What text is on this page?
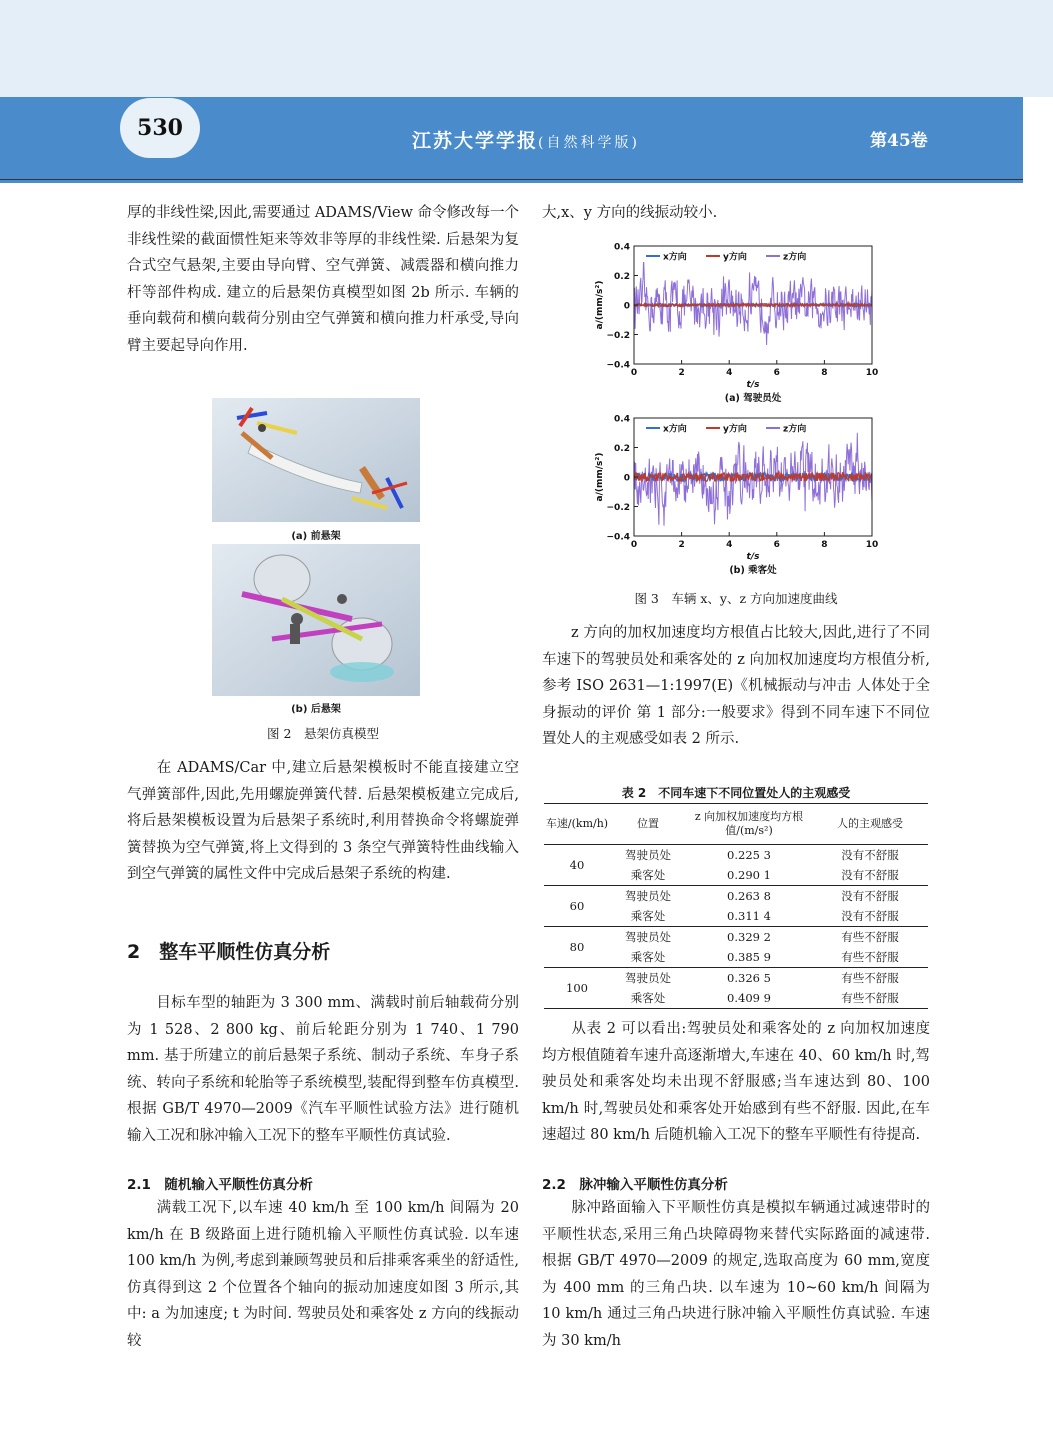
530	江苏大学学报(自然科学版)	第45卷

厚的非线性梁,因此,需要通过 ADAMS/View 命令修改每一个非线性梁的截面惯性矩来等效非等厚的非线性梁. 后悬架为复合式空气悬架,主要由导向臂、空气弹簧、减震器和横向推力杆等部件构成. 建立的后悬架仿真模型如图 2b 所示. 车辆的垂向载荷和横向载荷分别由空气弹簧和横向推力杆承受,导向臂主要起导向作用.

(a) 前悬架
(b) 后悬架
图 2　悬架仿真模型

在 ADAMS/Car 中,建立后悬架模板时不能直接建立空气弹簧部件,因此,先用螺旋弹簧代替. 后悬架模板建立完成后,将后悬架模板设置为后悬架子系统时,利用替换命令将螺旋弹簧替换为空气弹簧,将上文得到的 3 条空气弹簧特性曲线输入到空气弹簧的属性文件中完成后悬架子系统的构建.

2　整车平顺性仿真分析

目标车型的轴距为 3 300 mm、满载时前后轴载荷分别为 1 528、2 800 kg、前后轮距分别为 1 740、1 790 mm. 基于所建立的前后悬架子系统、制动子系统、车身子系统、转向子系统和轮胎等子系统模型,装配得到整车仿真模型. 根据 GB/T 4970—2009《汽车平顺性试验方法》进行随机输入工况和脉冲输入工况下的整车平顺性仿真试验.

2.1　随机输入平顺性仿真分析

满载工况下,以车速 40 km/h 至 100 km/h 间隔为 20 km/h 在 B 级路面上进行随机输入平顺性仿真试验. 以车速 100 km/h 为例,考虑到兼顾驾驶员和后排乘客乘坐的舒适性,仿真得到这 2 个位置各个轴向的振动加速度如图 3 所示,其中: a 为加速度; t 为时间. 驾驶员处和乘客处 z 方向的线振动较

大,x、y 方向的线振动较小.

0.4
0.2
0
−0.2
−0.4
0	2	4	6	8	10
t/s
a/(mm/s²)
(a) 驾驶员处
x方向	y方向	z方向
0.4
0.2
0
−0.2
−0.4
0	2	4	6	8	10
t/s
a/(mm/s²)
(b) 乘客处
x方向	y方向	z方向
图 3　车辆 x、y、z 方向加速度曲线

z 方向的加权加速度均方根值占比较大,因此,进行了不同车速下的驾驶员处和乘客处的 z 向加权加速度均方根值分析,参考 ISO 2631—1:1997(E)《机械振动与冲击 人体处于全身振动的评价 第 1 部分:一般要求》得到不同车速下不同位置处人的主观感受如表 2 所示.

表 2　不同车速下不同位置处人的主观感受
车速/(km/h)	位置	z 向加权加速度均方根值/(m/s²)	人的主观感受
40	驾驶员处	0.225 3	没有不舒服
	乘客处	0.290 1	没有不舒服
60	驾驶员处	0.263 8	没有不舒服
	乘客处	0.311 4	没有不舒服
80	驾驶员处	0.329 2	有些不舒服
	乘客处	0.385 9	有些不舒服
100	驾驶员处	0.326 5	有些不舒服
	乘客处	0.409 9	有些不舒服

从表 2 可以看出:驾驶员处和乘客处的 z 向加权加速度均方根值随着车速升高逐渐增大,车速在 40、60 km/h 时,驾驶员处和乘客处均未出现不舒服感;当车速达到 80、100 km/h 时,驾驶员处和乘客处开始感到有些不舒服. 因此,在车速超过 80 km/h 后随机输入工况下的整车平顺性有待提高.

2.2　脉冲输入平顺性仿真分析

脉冲路面输入下平顺性仿真是模拟车辆通过减速带时的平顺性状态,采用三角凸块障碍物来替代实际路面的减速带. 根据 GB/T 4970—2009 的规定,选取高度为 60 mm,宽度为 400 mm 的三角凸块. 以车速为 10~60 km/h 间隔为 10 km/h 通过三角凸块进行脉冲输入平顺性仿真试验. 车速为 30 km/h
